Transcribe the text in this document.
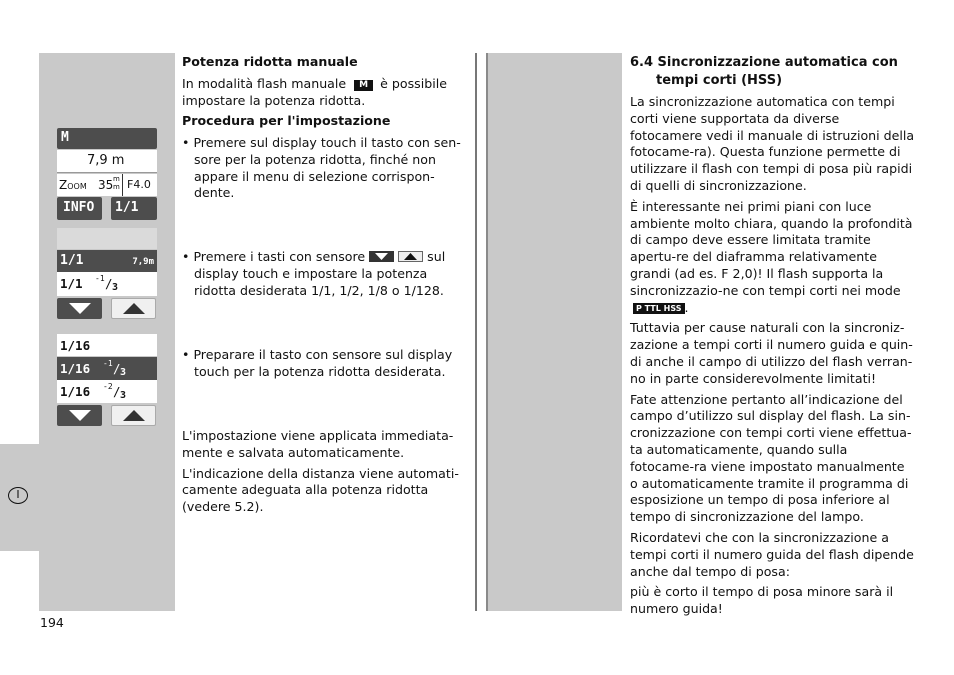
I
M
7,9 m
Zoom 35 m
m F4.0
INFO 1/1
1/1	7,9m
1/1 -1 / 3
1/16
1/16 -1 / 3
1/16 -2 / 3

Potenza ridotta manuale

In modalità flash manuale M è possibile impostare la potenza ridotta.

Procedura per l'impostazione

• Premere sul display touch il tasto con sen-sore per la potenza ridotta, finché non appare il menu di selezione corrispon-dente.
• Premere i tasti con sensore	sul display touch e impostare la potenza ridotta desiderata 1/1, 1/2, 1/8 o 1/128.
• Preparare il tasto con sensore sul display touch per la potenza ridotta desiderata.

L'impostazione viene applicata immediata-mente e salvata automaticamente.

L'indicazione della distanza viene automati-camente adeguata alla potenza ridotta (vedere 5.2).

6.4 Sincronizzazione automatica con
tempi corti (HSS)

La sincronizzazione automatica con tempi corti viene supportata da diverse fotocamere vedi il manuale di istruzioni della fotocame-ra). Questa funzione permette di utilizzare il flash con tempi di posa più rapidi di quelli di sincronizzazione.

È interessante nei primi piani con luce ambiente molto chiara, quando la profondità di campo deve essere limitata tramite apertu-re del diaframma relativamente grandi (ad es. F 2,0)! Il flash supporta la sincronizzazio-ne con tempi corti nei mode P TTL HSS .

Tuttavia per cause naturali con la sincroniz-zazione a tempi corti il numero guida e quin-di anche il campo di utilizzo del flash verran-no in parte considerevolmente limitati!

Fate attenzione pertanto all’indicazione del campo d’utilizzo sul display del flash. La sin-cronizzazione con tempi corti viene effettua-ta automaticamente, quando sulla fotocame-ra viene impostato manualmente o automaticamente tramite il programma di esposizione un tempo di posa inferiore al tempo di sincronizzazione del lampo.

Ricordatevi che con la sincronizzazione a tempi corti il numero guida del flash dipende anche dal tempo di posa:

più è corto il tempo di posa minore sarà il numero guida!

194
